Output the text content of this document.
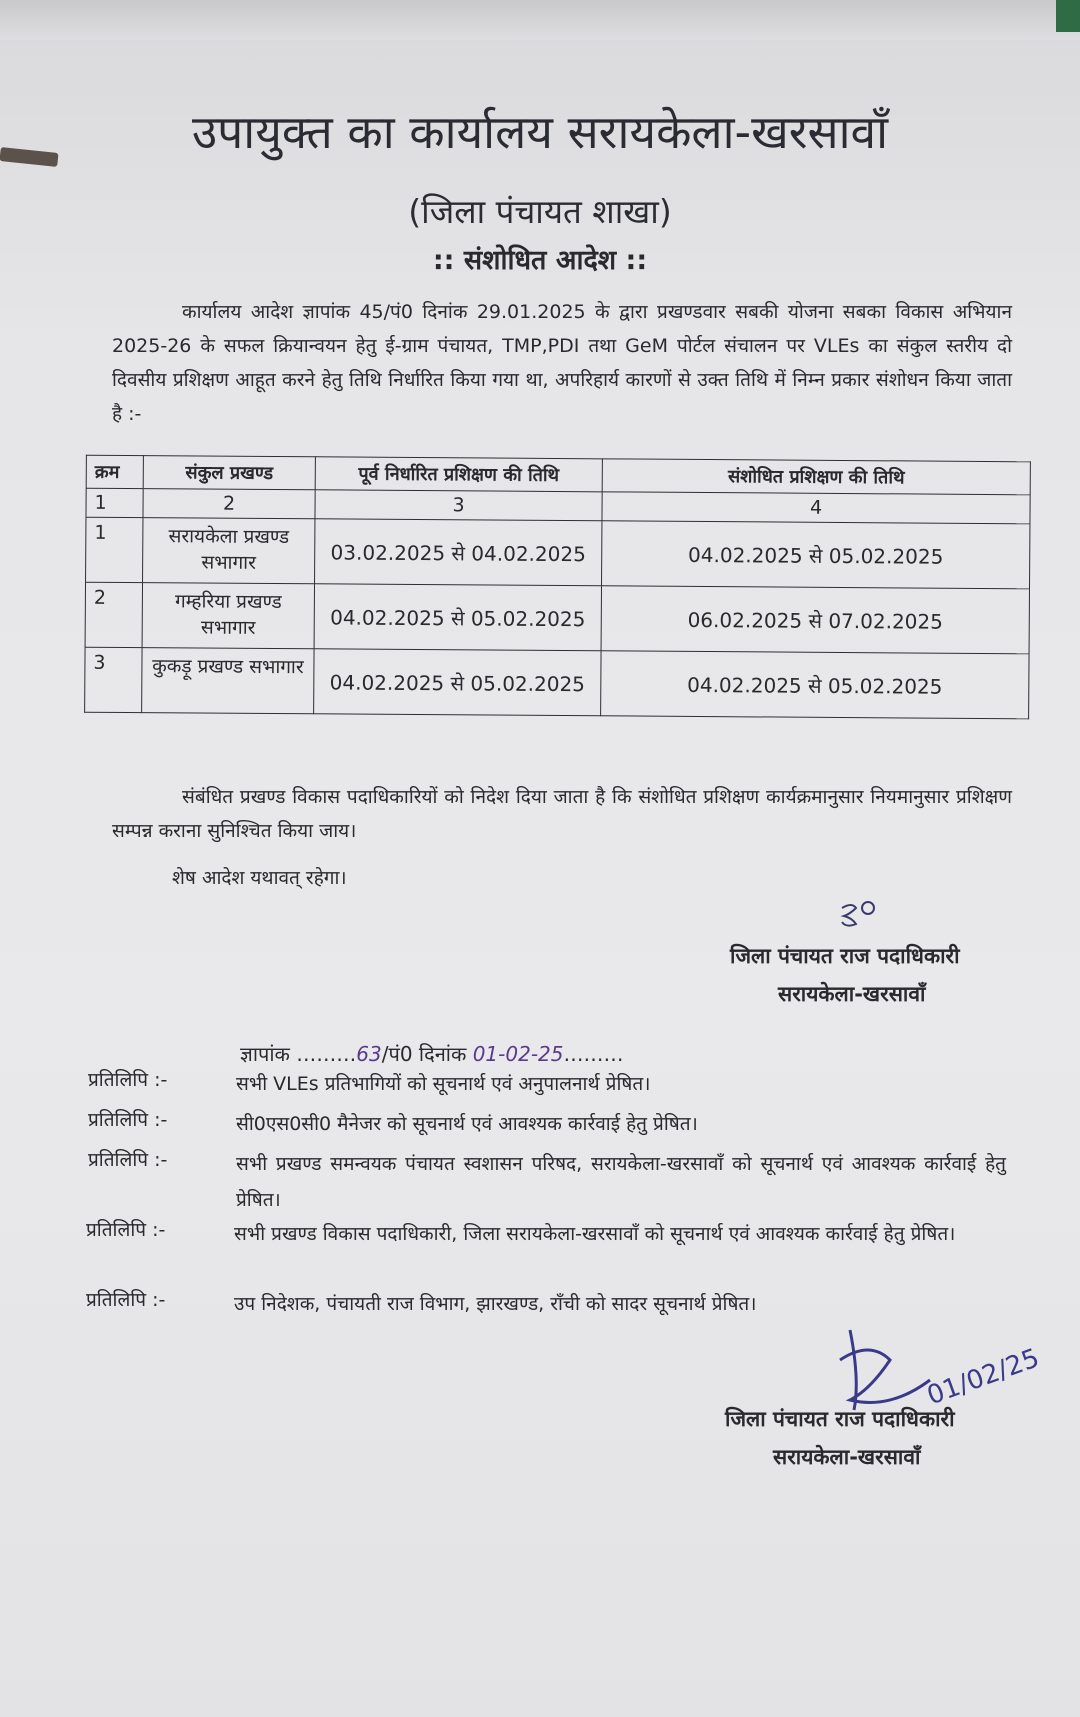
उपायुक्त का कार्यालय सरायकेला-खरसावाँ
(जिला पंचायत शाखा)
:: संशोधित आदेश ::
कार्यालय आदेश ज्ञापांक 45/पं0 दिनांक 29.01.2025 के द्वारा प्रखण्डवार सबकी योजना सबका विकास अभियान 2025-26 के सफल क्रियान्वयन हेतु ई-ग्राम पंचायत, TMP,PDI तथा GeM पोर्टल संचालन पर VLEs का संकुल स्तरीय दो दिवसीय प्रशिक्षण आहूत करने हेतु तिथि निर्धारित किया गया था, अपरिहार्य कारणों से उक्त तिथि में निम्न प्रकार संशोधन किया जाता है :-
क्रम	संकुल प्रखण्ड	पूर्व निर्धारित प्रशिक्षण की तिथि	संशोधित प्रशिक्षण की तिथि
1	2	3	4
1	सरायकेला प्रखण्ड सभागार	03.02.2025 से 04.02.2025	04.02.2025 से 05.02.2025
2	गम्हरिया प्रखण्ड सभागार	04.02.2025 से 05.02.2025	06.02.2025 से 07.02.2025
3	कुकड़ू प्रखण्ड सभागार	04.02.2025 से 05.02.2025	04.02.2025 से 05.02.2025
संबंधित प्रखण्ड विकास पदाधिकारियों को निदेश दिया जाता है कि संशोधित प्रशिक्षण कार्यक्रमानुसार नियमानुसार प्रशिक्षण सम्पन्न कराना सुनिश्चित किया जाय।
शेष आदेश यथावत् रहेगा।
जिला पंचायत राज पदाधिकारी
सरायकेला-खरसावाँ
ज्ञापांक ………63/पं0 दिनांक 01-02-25………
प्रतिलिपि :-	सभी VLEs प्रतिभागियों को सूचनार्थ एवं अनुपालनार्थ प्रेषित।
प्रतिलिपि :-	सी0एस0सी0 मैनेजर को सूचनार्थ एवं आवश्यक कार्रवाई हेतु प्रेषित।
प्रतिलिपि :-	सभी प्रखण्ड समन्वयक पंचायत स्वशासन परिषद, सरायकेला-खरसावाँ को सूचनार्थ एवं आवश्यक कार्रवाई हेतु प्रेषित।
प्रतिलिपि :-	सभी प्रखण्ड विकास पदाधिकारी, जिला सरायकेला-खरसावाँ को सूचनार्थ एवं आवश्यक कार्रवाई हेतु प्रेषित।
प्रतिलिपि :-	उप निदेशक, पंचायती राज विभाग, झारखण्ड, राँची को सादर सूचनार्थ प्रेषित।
01/02/25
जिला पंचायत राज पदाधिकारी
सरायकेला-खरसावाँ
